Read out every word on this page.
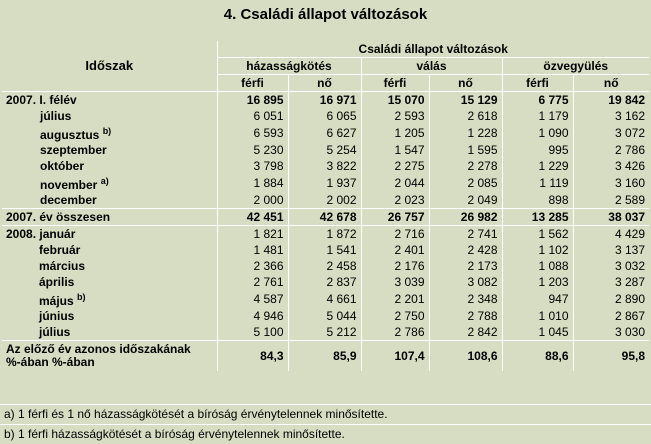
4. Családi állapot változások
Időszak	Családi állapot változások					
	házasságkötés		válás		özvegyülés	
	férfi	nő	férfi	nő	férfi	nő
2007. I. félév	16 895	16 971	15 070	15 129	6 775	19 842
július	6 051	6 065	2 593	2 618	1 179	3 162
augusztus $^{b)}$	6 593	6 627	1 205	1 228	1 090	3 072
szeptember	5 230	5 254	1 547	1 595	995	2 786
október	3 798	3 822	2 275	2 278	1 229	3 426
november $^{a)}$	1 884	1 937	2 044	2 085	1 119	3 160
december	2 000	2 002	2 023	2 049	898	2 589
2007. év összesen	42 451	42 678	26 757	26 982	13 285	38 037
2008. január	1 821	1 872	2 716	2 741	1 562	4 429
február	1 481	1 541	2 401	2 428	1 102	3 137
március	2 366	2 458	2 176	2 173	1 088	3 032
április	2 761	2 837	3 039	3 082	1 203	3 287
május $^{b)}$	4 587	4 661	2 201	2 348	947	2 890
június	4 946	5 044	2 750	2 788	1 010	2 867
július	5 100	5 212	2 786	2 842	1 045	3 030

Az előző év azonos időszakának
%-ában %-ában	84,3	85,9	107,4	108,6	88,6	95,8
a) 1 férfi és 1 nő házasságkötését a bíróság érvénytelennek minősítette.
b) 1 férfi házasságkötését a bíróság érvénytelennek minősítette.
